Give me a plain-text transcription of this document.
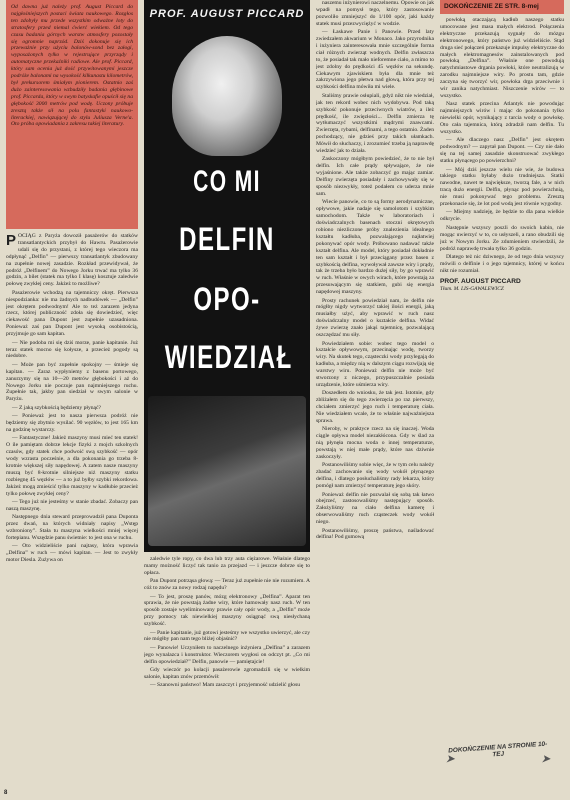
Od dawna już należy prof. August Piccard do najgłośniejszych postaci świata naukowego. Rozgłos ten zdobyły mu przede wszystkim odważne loty do stratosfery przed niemal ćwierć wiekiem. Od tego czasu badania górnych warstw atmosfery pozostały się ogromnie naprzód. Dziś dokonuje się ich przeważnie przy użyciu balonów-sond bez załogi, wyposażonych tylko w rejestrujące przyrządy i automatyczne przekaźniki radiowe. Ale prof. Piccard, który sam ocenia już dość przywitowanymi jeszcze podróże balonami na wysokość kilkunastu kilometrów, był prekursorem śmiałym pionierem. Ostatnio zaś dużo zainteresowania wzbudziły badania głębinowe prof. Piccarda, który w swym batyskafie opuścił się na głębokość 3000 metrów pod wodę. Uczony próbuje zresztą także sił na polu fantastyki naukowo-literackiej, nawiązującej do stylu Juliusza Verne'a. Oto próba opowiadania z zakresu takiej literatury.

POCIĄG z Paryża dowoził pasażerów do statków transatlantyckich przybył do Hawru. Pasażerowie udali się do przystani, z której tego wieczora ma odpłynąć „Delfin” — pierwszy transatlantyk zbudowany na zupełnie nowej zasadzie. Rozkład przewidywał, że podróż „Delfinem” do Nowego Jorku trwać ma tylko 36 godzin, a bilet (statek ma tylko I klasę) kosztuje zaledwie połowę zwykłej ceny. Jakżeż to możliwe?

Pasażerowie wchodzą na tajemniczy okręt. Pierwsza niespodzianka: nie ma żadnych nadbudówek — „Delfin” jest okrętem podwodnym! Ale to też zarazem jedyna rzecz, której publiczność zdoła się dowiedzieć, więc ciekawość pana Dupont jest zupełnie uzasadniona. Ponieważ zaś pan Dupont jest wysoką osobistością, przyjmuje go sam kapitan.

— Nie podoba mi się dziś morze, panie kapitanie. Już teraz statek mocno się kołysze, a przecież pogody są niedobre.

— Może pan być zupełnie spokojny — śmieje się kapitan. — Zaraz wypłyniemy z basenu portowego, zanurzymy się na 10—20 metrów głębokości i aż do Nowego Jorku nie poczuje pan najmniejszego ruchu. Zupełnie tak, jakby pan siedział w swym salonie w Paryżu.

— Z jaką szybkością będziemy płynąć?

— Ponieważ jest to nasza pierwsza podróż nie będziemy się zbytnio wysilać. 90 węzłów, to jest 165 km na godzinę wystarczy.

— Fantastyczne! Jakież maszyny musi mieć ten statek! O ile pamiętam dobrze lekcje fizyki z mojch szkolnych czasów, gdy statek chce podwoić swą szybkość — opór wody wzrasta pocześnie, a dla pokonania go trzeba 8-krotnie większej siły napędowej. A zatem nasze maszyny muszą być 8-krotnie silniejsze niż maszyny statku rozbiegnę 45 węzłów — a to już byłby szybki rekordowa. Jakżeż mogą zmieścić tylko maszyny w kadłubie przecież tylko połowę zwykłej ceny?

— Tego już nie jesteśmy w stanie zbadać. Zobaczy pan naszą maszynę.

Następnego dnia steward przeprowadził pana Duponta przez dwań, na których widniały napisy „Wstęp wzbroniony”. Stała tu maszyna wielkości mniej więcej fortepianu. Wszędzie panu świetnie: to jest ona w ruchu.

— Oto widzieliście pani najtasy, która wprawia „Delfina” w ruch — mówi kapitan. — Jest to zwykły motor Diesla. Zużywa on

PROF. AUGUST PICCARD
CO MI
DELFIN
OPO-
WIEDZIAŁ

zaledwie tyle ropy, co dwa lub trzy auta ciężarowe. Właśnie dlatego mamy możność liczyć tak tanio za przejazd — i jeszcze dobrze się to opłaca.

Pan Dupont potrząsa głową: — Teraz już zupełnie nie nie rozumiem. A cóż to znów za nowy rodzaj napędu?

— To jest, proszę panów, mózg elektronowy „Delfina”. Aparat ten sprawia, że nie powstają żadne wiry, które hamowały nasz ruch. W ten sposób zostaje wyeliminowany prawie cały opór wody, a „Delfin” może przy pomocy tak niewielkiej maszyny osiągnąć swą niesłychaną szybkość.

— Panie kapitanie, już gotowi jesteśmy we wszystko uwierzyć, ale czy nie mógłby pan nam tego bliżej objaśnić?

— Panowie! Uczyniłem to naczelnego inżyniera „Delfina” a zarazem jego wynalazca i konstruktor. Wieczorem wygłosi on odczyt pt. „Co mi delfin opowiedział?” Delfin, panowie — pamiętajcie!

Gdy wieczór po kolacji pasażerowie zgromadzili się w wielkim salonie, kapitan znów przemówił:

— Szanowni państwo! Mam zaszczyt i przyjemność udzielić głosu

naszemu inżynierowi naczelnemu. Opowie on jak wpadł na pomysł tego, który zastosowanie pozwoliło zmniejszyć do 1/100 opór, jaki każdy statek musi przezwyciężyć w wodzie.

— Łaskawe Panie i Panowie. Przed laty zwiedzałem akwarium w Monaco. Jako przyrodnika i inżyniera zainteresowała mnie szczególnie forma ciał różnych zwierząt wodnych. Delfin zwłaszcza to, że posiadał tak mało nieforemne ciało, a mimo to jest zdolny do prędkości 45 węzłów na sekundę. Ciekawym zjawiskiem była dla mnie też zakrzywiona jego płetwa nad głową, która przy tej szybkości delfina mówiła mi wiele.

Staliśmy prawie osłupiali, gdyż nikt nie wiedział, jak ten rekord wobec nich wydobywa. Pod taką szybkość pokonuje przeciwnych wiatrów, a ileż prędkość, ile zwięzłości... Delfin zmierza tę wytłumaczyć wszystkimi mądrymi znawcami. Zwierzęta, rybami, delfinami, a tego ostatnio. Żaden pochodzący, nie gdzieś przy takich ułamkach. Mówił do słuchaczy, i zrozumieć trzeba ją naprawdę wiedzieć jak to działa.

Zaskoczony mógłbym powiedzieć, że to nie był delfin. Ich całe prądy spływające, że nie wyjaśnione. Ale także zobaczyć go mając zamiar. Delfiny zwierzęta posiadały i zachowywały się w sposób niezwykły, toteż podałem co uderza mnie sam.

Wiecie panowie, co to są formy aerodynamiczne, opływowe, jakie nadaje się samolotom i szybkim samochodom. Także w laboratoriach i doświadczalnych basenach stoczni okrętowych robiono niezliczone próby znalezienia idealnego kształtu kadłuba, pozwalającego najłatwiej pokonywać opór wody. Próbowano nadawać także kształt delfina. Ale model, który posiadał dokładnie ten sam kształt i był przeciągany przez basen z szybkością delfina, wywoływał zawsze wiry i prądy, tak że trzeba było bardzo dużej siły, by go wprawić w ruch. Właśnie w owych wirach, które powstają za przesuwającym się statkiem, gubi się energia napędowej maszyny.

Prosty rachunek powiedział nam, że delfin nie mógłby nigdy wytworzyć takiej ilości energii, jaką musiałby użyć, aby wprawić w ruch nasz doświadczalny model o kształcie delfina. Widać żywe zwierzę znało jakąś tajemnicę, pozwalającą oszczędzać mu siły.

Powiedziałem sobie: wobec tego model o kształcie opływowym, przecinając wodę, tworzy wiry. Na skutek tego, cząsteczki wody przylegają do kadłuba, a między nią w dalszym ciągu rozwijają się warstwy wiru. Ponieważ delfin nie może być stworzony z niczego, przypuszczalnie posiada urządzenie, które uśmierza wiry.

Doszedłem do wniosku, że tak jest. Istotnie, gdy zbliżałem się do tego zwierzęcia po raz pierwszy, chciałem zmierzyć jego ruch i temperaturę ciała. Nie wiedziałem wcale, że to właśnie najważniejsza sprawa.

Nieroby, w praktyce rzecz na się inaczej. Woda ciągle opływa model niezakłócona. Gdy w ślad za nią płynęła mocna woda o innej temperaturze, powstają w niej małe prądy, które nas dziwnie zaskoczyły.

Postanowiliśmy sobie więc, że w tym celu należy zbadać zachowanie się wody wokół płynącego delfina, i dlatego posłuchaliśmy rady lekarza, który pomógł nam zmierzyć temperaturę jego skóry.

Ponieważ delfin nie pozwalał się sobą tak łatwo obejrzeć, zastosowaliśmy następujący sposób. Założyliśmy na ciało delfina kamerę i obserwowaliśmy ruch cząsteczek wody wokół niego.

Postanowiliśmy, proszę państwa, naśladować delfina! Pod gumową

DOKOŃCZENIE ZE STR. 8-mej

powłoką otaczającą kadłub naszego statku umocowane jest masa małych elektrod. Połączenia elektryczne przekazują sygnały do mózgu elektronowego, który państwo już widzieliście. Stąd druga sieć połączeń przekazuje impulsy elektryczne do małych elektromagnesów zainstalowanych pod powłoką „Delfina”. Właśnie one powodują natychmiastowe drgania powłoki, które neutralizują w zarodku najmniejsze wiry. Po prostu tam, gdzie zaczyna się tworzyć wir, powłoka drga przeciwnie i wir zanika natychmiast. Niszczenie wirów — to wszystko.

Nasz statek przecina Atlantyk nie powodując najmniejszych wirów i mając do pokonania tylko niewielki opór, wynikający z tarcia wody o powłokę. Oto cała tajemnica, którą zdradził nam delfin. Tu wszystko.

— Ale dlaczego nasz „Delfin” jest okrętem podwodnym? — zapytał pan Dupont. — Czy nie dało się na tej samej zasadzie skonstruować zwykłego statku płynącego po powierzchni?

— Mój dziś jeszcze wielu nie wie, że budowa takiego statku byłaby dużo trudniejsza. Statki nawodne, nawet te największe, tworzą fale, a w nich tracą dużo energii. Delfin, płynąc pod powierzchnią, nie musi pokonywać tego problemu. Zresztą przekonacie się, że lot pod wodą jest równie wygodny.

— Miejmy nadzieję, że będzie to dla pana wielkie odkrycie.

Następnie wszyscy poszli do swoich kabin, nie mogąc uwierzyć w to, co usłyszeli, a rano obudzili się już w Nowym Jorku. Ze zdumieniem stwierdzili, że podróż naprawdę trwała tylko 36 godzin.

Dlatego też nic dziwnego, że od tego dnia wszyscy mówili o delfinie i o jego tajemnicy, której w końcu nikt nie rozumiał.

PROF. AUGUST PICCARD
Tłum. M. LIS-GAWALEWICZ
➤
DOKOŃCZENIE NA STRONIE 10-TEJ	➤
8
